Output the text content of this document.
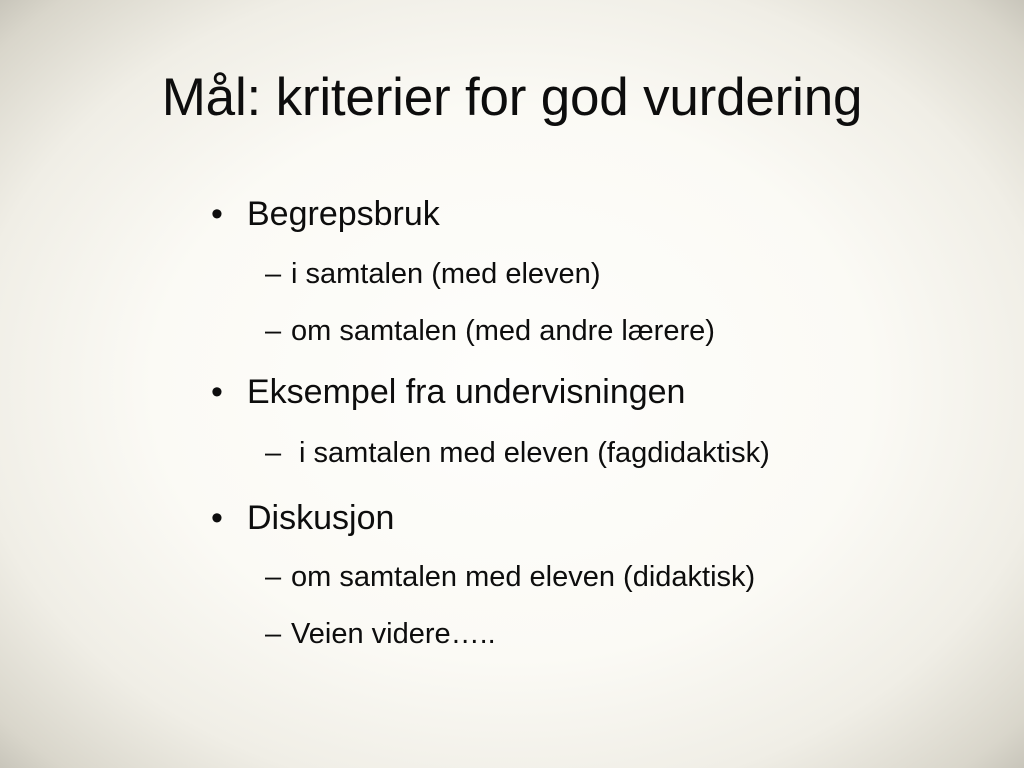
Mål: kriterier for god vurdering
• Begrepsbruk
– i samtalen (med eleven)
– om samtalen (med andre lærere)
• Eksempel fra undervisningen
– i samtalen med eleven (fagdidaktisk)
• Diskusjon
– om samtalen med eleven (didaktisk)
– Veien videre…..
